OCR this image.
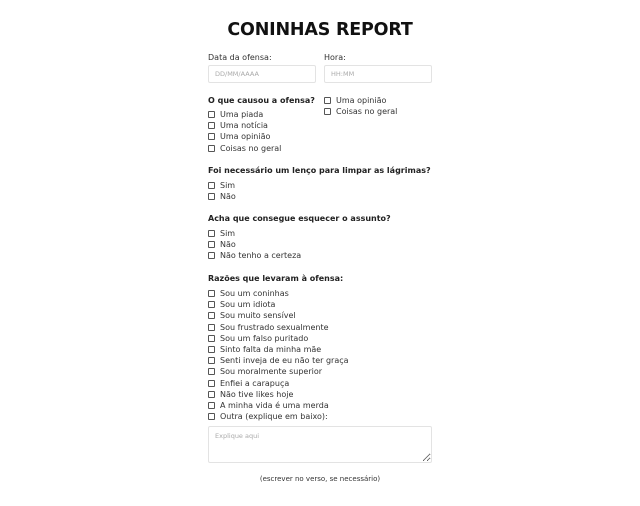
CONINHAS REPORT
Data da ofensa:
DD/MM/AAAA	Hora:
HH:MM
O que causou a ofensa?
Uma piada
Uma notícia
Uma opinião
Coisas no geral
Uma opinião
Coisas no geral
Foi necessário um lenço para limpar as lágrimas?
Sim
Não
Acha que consegue esquecer o assunto?
Sim
Não
Não tenho a certeza
Razões que levaram à ofensa:
Sou um coninhas
Sou um idiota
Sou muito sensível
Sou frustrado sexualmente
Sou um falso puritado
Sinto falta da minha mãe
Senti inveja de eu não ter graça
Sou moralmente superior
Enfiei a carapuça
Não tive likes hoje
A minha vida é uma merda
Outra (explique em baixo):
Explique aqui
(escrever no verso, se necessário)
